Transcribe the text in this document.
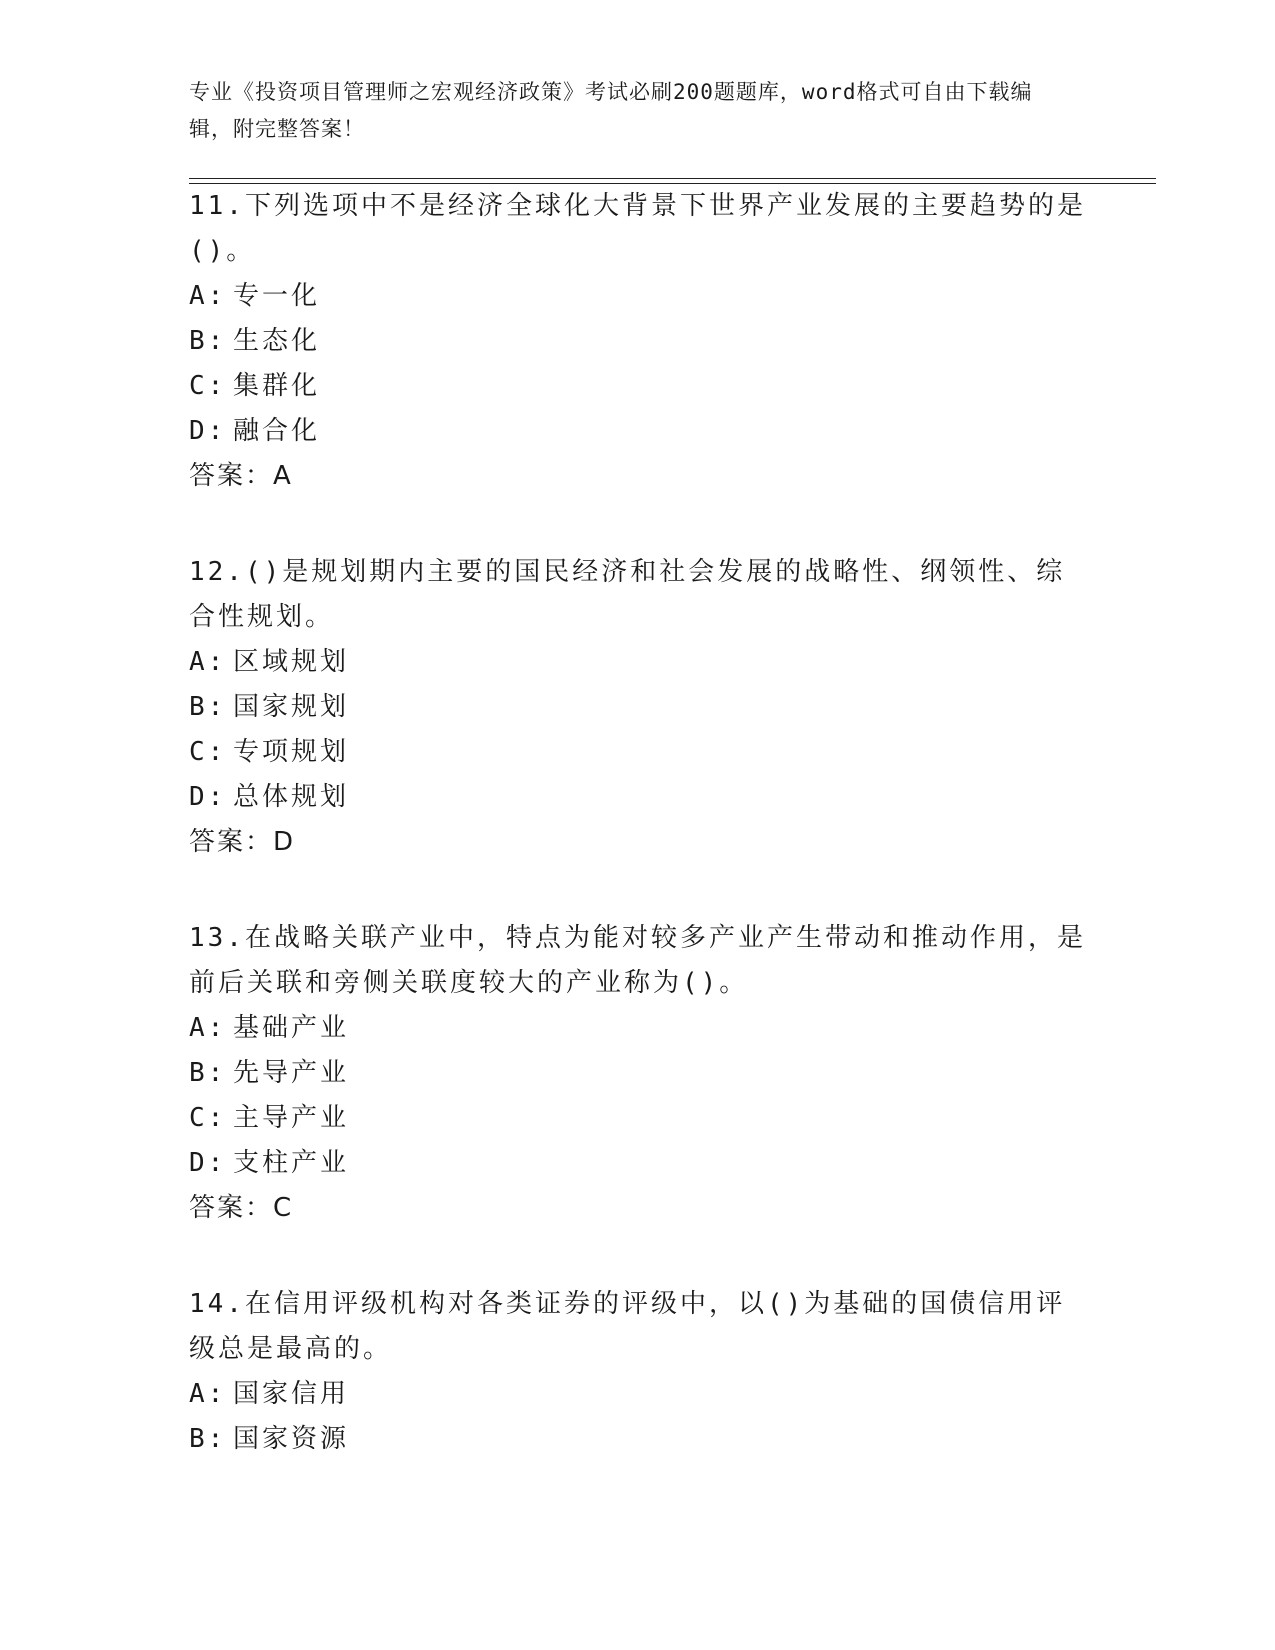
专业《投资项目管理师之宏观经济政策》考试必刷200题题库，word格式可自由下载编辑，附完整答案！

11.下列选项中不是经济全球化大背景下世界产业发展的主要趋势的是()。

A: 专一化

B: 生态化

C: 集群化

D: 融合化

答案：A

12.()是规划期内主要的国民经济和社会发展的战略性、纲领性、综合性规划。

A: 区域规划

B: 国家规划

C: 专项规划

D: 总体规划

答案：D

13.在战略关联产业中，特点为能对较多产业产生带动和推动作用，是前后关联和旁侧关联度较大的产业称为()。

A: 基础产业

B: 先导产业

C: 主导产业

D: 支柱产业

答案：C

14.在信用评级机构对各类证券的评级中，以()为基础的国债信用评级总是最高的。

A: 国家信用

B: 国家资源
